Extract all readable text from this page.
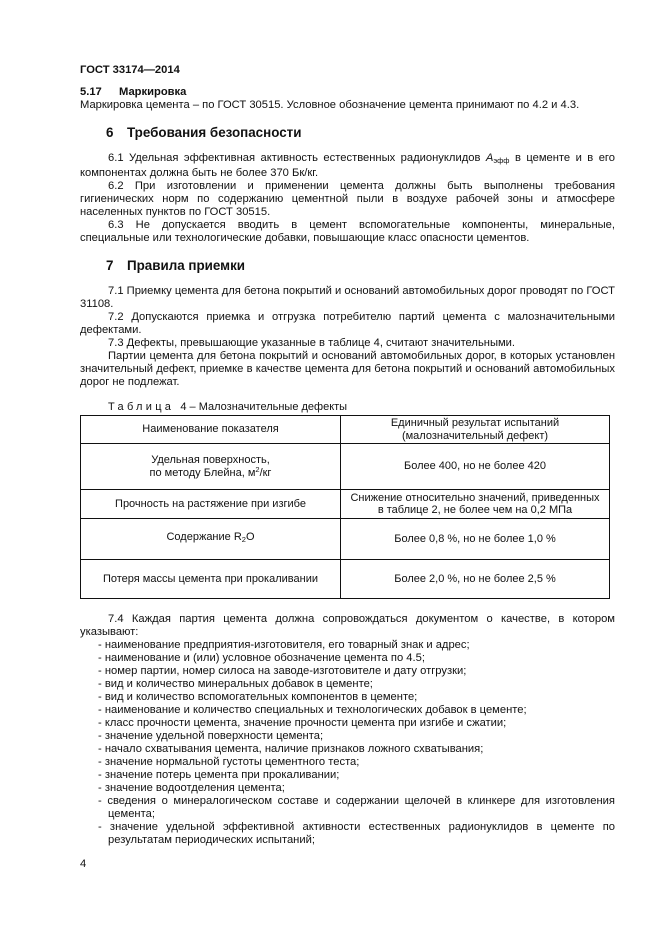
ГОСТ 33174—2014
5.17	Маркировка

Маркировка цемента – по ГОСТ 30515. Условное обозначение цемента принимают по 4.2 и 4.3.

6	Требования безопасности

6.1 Удельная эффективная активность естественных радионуклидов $А_{эфф}$ в цементе и в его компонентах должна быть не более 370 Бк/кг.

6.2 При изготовлении и применении цемента должны быть выполнены требования гигиенических норм по содержанию цементной пыли в воздухе рабочей зоны и атмосфере населенных пунктов по ГОСТ 30515.

6.3 Не допускается вводить в цемент вспомогательные компоненты, минеральные, специальные или технологические добавки, повышающие класс опасности цементов.

7	Правила приемки

7.1 Приемку цемента для бетона покрытий и оснований автомобильных дорог проводят по ГОСТ 31108.

7.2 Допускаются приемка и отгрузка потребителю партий цемента с малозначительными дефектами.

7.3 Дефекты, превышающие указанные в таблице 4, считают значительными.

Партии цемента для бетона покрытий и оснований автомобильных дорог, в которых установлен значительный дефект, приемке в качестве цемента для бетона покрытий и оснований автомобильных дорог не подлежат.

Таблица 4 – Малозначительные дефекты
Наименование показателя	Единичный результат испытаний
(малозначительный дефект)
Удельная поверхность,
по методу Блейна, $м^2/кг$	Более 400, но не более 420
Прочность на растяжение при изгибе	Снижение относительно значений, приведенных
в таблице 2, не более чем на 0,2 МПа
Содержание $R_2O$	Более 0,8 %, но не более 1,0 %
Потеря массы цемента при прокаливании	Более 2,0 %, но не более 2,5 %

7.4 Каждая партия цемента должна сопровождаться документом о качестве, в котором указывают:

- наименование предприятия-изготовителя, его товарный знак и адрес;
- наименование и (или) условное обозначение цемента по 4.5;
- номер партии, номер силоса на заводе-изготовителе и дату отгрузки;
- вид и количество минеральных добавок в цементе;
- вид и количество вспомогательных компонентов в цементе;
- наименование и количество специальных и технологических добавок в цементе;
- класс прочности цемента, значение прочности цемента при изгибе и сжатии;
- значение удельной поверхности цемента;
- начало схватывания цемента, наличие признаков ложного схватывания;
- значение нормальной густоты цементного теста;
- значение потерь цемента при прокаливании;
- значение водоотделения цемента;
- сведения о минералогическом составе и содержании щелочей в клинкере для изготовления цемента;
- значение удельной эффективной активности естественных радионуклидов в цементе по результатам периодических испытаний;
4
